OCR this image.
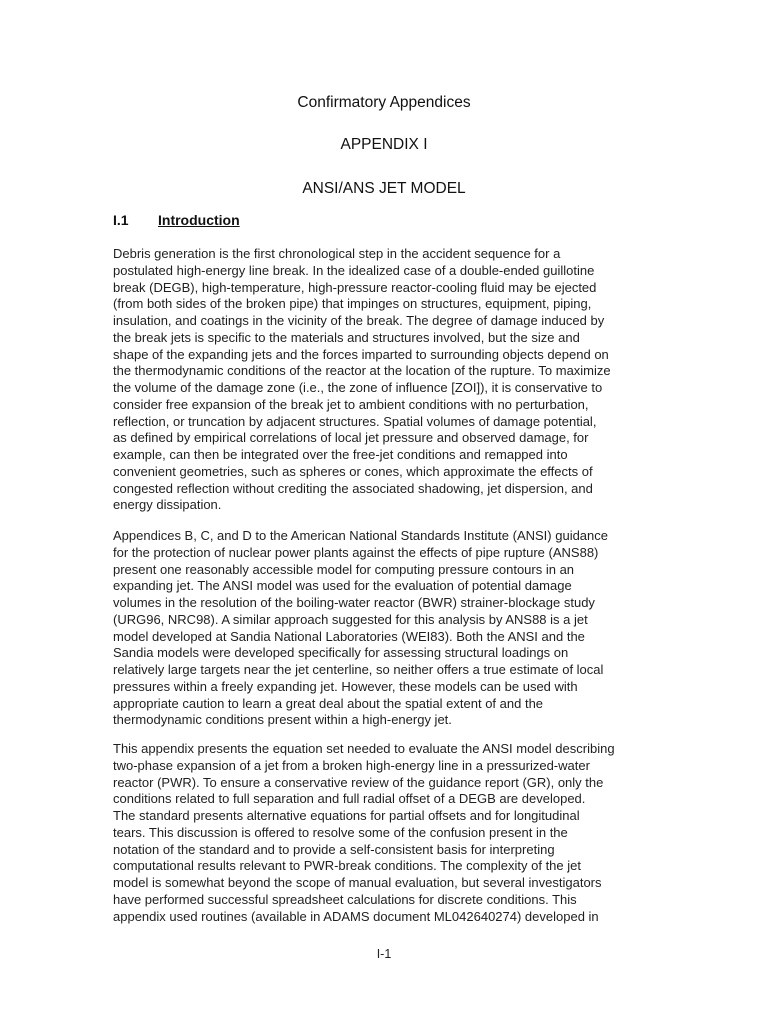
Confirmatory Appendices
APPENDIX I
ANSI/ANS JET MODEL
I.1 Introduction
Debris generation is the first chronological step in the accident sequence for a
postulated high-energy line break. In the idealized case of a double-ended guillotine
break (DEGB), high-temperature, high-pressure reactor-cooling fluid may be ejected
(from both sides of the broken pipe) that impinges on structures, equipment, piping,
insulation, and coatings in the vicinity of the break. The degree of damage induced by
the break jets is specific to the materials and structures involved, but the size and
shape of the expanding jets and the forces imparted to surrounding objects depend on
the thermodynamic conditions of the reactor at the location of the rupture. To maximize
the volume of the damage zone (i.e., the zone of influence [ZOI]), it is conservative to
consider free expansion of the break jet to ambient conditions with no perturbation,
reflection, or truncation by adjacent structures. Spatial volumes of damage potential,
as defined by empirical correlations of local jet pressure and observed damage, for
example, can then be integrated over the free-jet conditions and remapped into
convenient geometries, such as spheres or cones, which approximate the effects of
congested reflection without crediting the associated shadowing, jet dispersion, and
energy dissipation.
Appendices B, C, and D to the American National Standards Institute (ANSI) guidance
for the protection of nuclear power plants against the effects of pipe rupture (ANS88)
present one reasonably accessible model for computing pressure contours in an
expanding jet. The ANSI model was used for the evaluation of potential damage
volumes in the resolution of the boiling-water reactor (BWR) strainer-blockage study
(URG96, NRC98). A similar approach suggested for this analysis by ANS88 is a jet
model developed at Sandia National Laboratories (WEI83). Both the ANSI and the
Sandia models were developed specifically for assessing structural loadings on
relatively large targets near the jet centerline, so neither offers a true estimate of local
pressures within a freely expanding jet. However, these models can be used with
appropriate caution to learn a great deal about the spatial extent of and the
thermodynamic conditions present within a high-energy jet.
This appendix presents the equation set needed to evaluate the ANSI model describing
two-phase expansion of a jet from a broken high-energy line in a pressurized-water
reactor (PWR). To ensure a conservative review of the guidance report (GR), only the
conditions related to full separation and full radial offset of a DEGB are developed.
The standard presents alternative equations for partial offsets and for longitudinal
tears. This discussion is offered to resolve some of the confusion present in the
notation of the standard and to provide a self-consistent basis for interpreting
computational results relevant to PWR-break conditions. The complexity of the jet
model is somewhat beyond the scope of manual evaluation, but several investigators
have performed successful spreadsheet calculations for discrete conditions. This
appendix used routines (available in ADAMS document ML042640274) developed in
I-1
